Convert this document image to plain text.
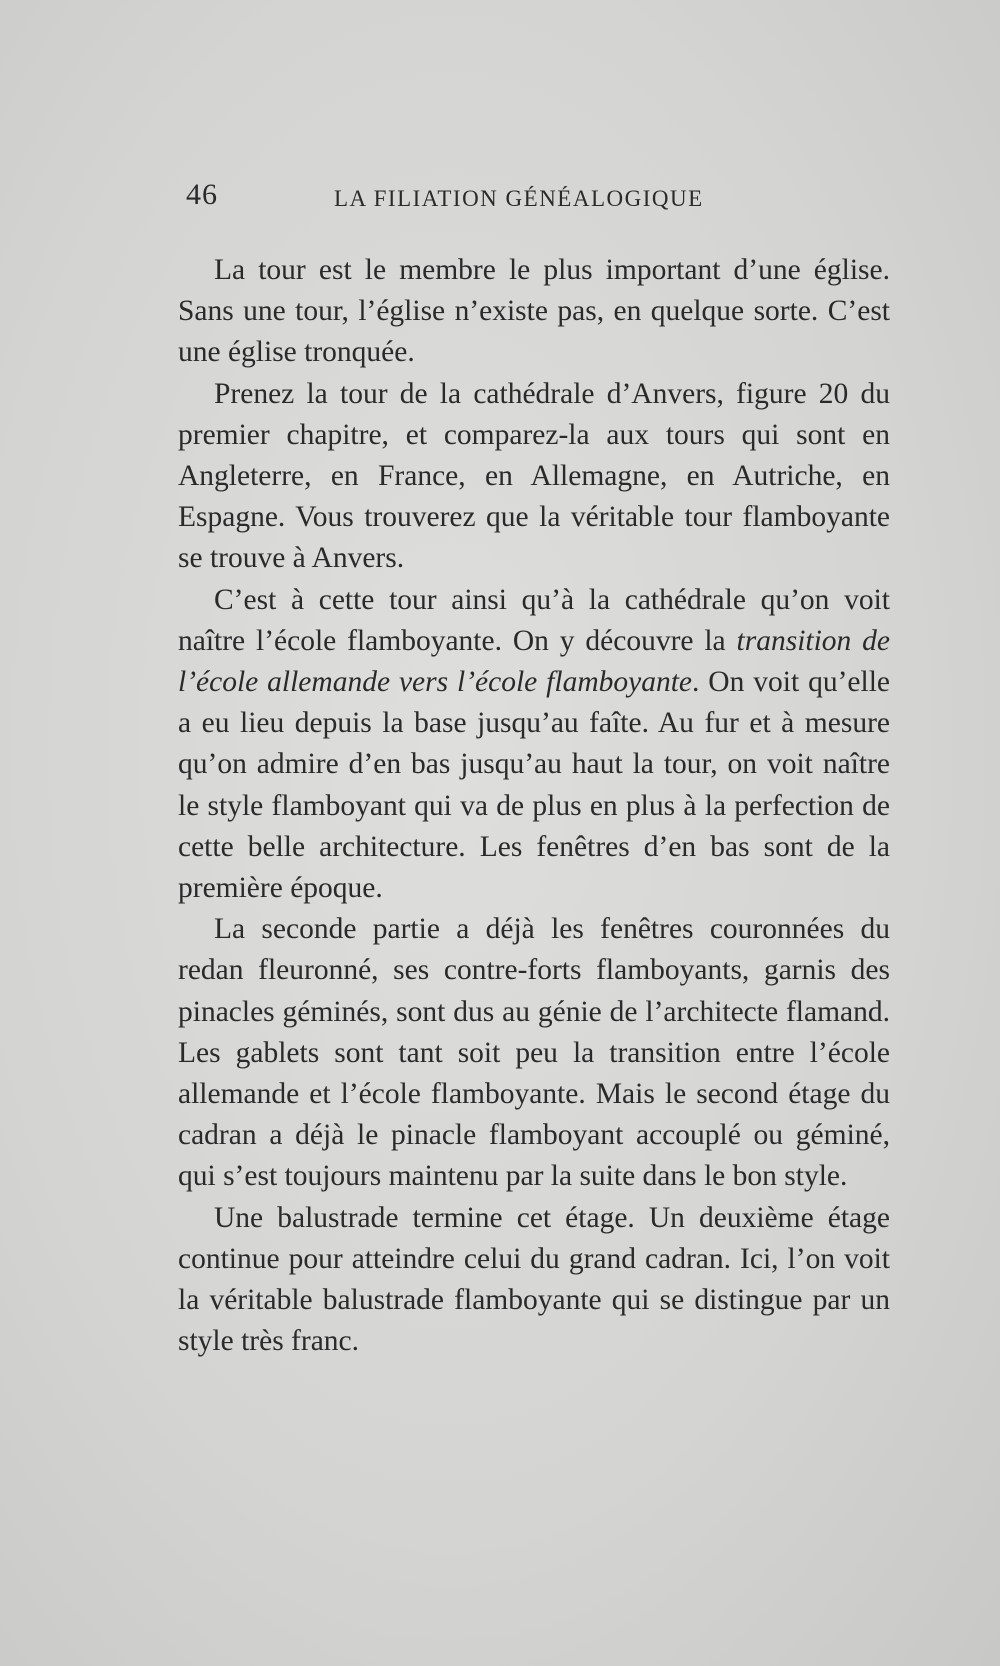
46	LA FILIATION GÉNÉALOGIQUE

La tour est le membre le plus important d’une église. Sans une tour, l’église n’existe pas, en quelque sorte. C’est une église tronquée.

Prenez la tour de la cathédrale d’Anvers, figure 20 du premier chapitre, et comparez-la aux tours qui sont en Angleterre, en France, en Allemagne, en Autriche, en Espagne. Vous trouverez que la véritable tour flamboyante se trouve à Anvers.

C’est à cette tour ainsi qu’à la cathédrale qu’on voit naître l’école flamboyante. On y découvre la transition de l’école allemande vers l’école flamboyante. On voit qu’elle a eu lieu depuis la base jusqu’au faîte. Au fur et à mesure qu’on admire d’en bas jusqu’au haut la tour, on voit naître le style flamboyant qui va de plus en plus à la perfection de cette belle architecture. Les fenêtres d’en bas sont de la première époque.

La seconde partie a déjà les fenêtres couronnées du redan fleuronné, ses contre-forts flamboyants, garnis des pinacles géminés, sont dus au génie de l’architecte flamand. Les gablets sont tant soit peu la transition entre l’école allemande et l’école flamboyante. Mais le second étage du cadran a déjà le pinacle flamboyant accouplé ou géminé, qui s’est toujours maintenu par la suite dans le bon style.

Une balustrade termine cet étage. Un deuxième étage continue pour atteindre celui du grand cadran. Ici, l’on voit la véritable balustrade flamboyante qui se distingue par un style très franc.
